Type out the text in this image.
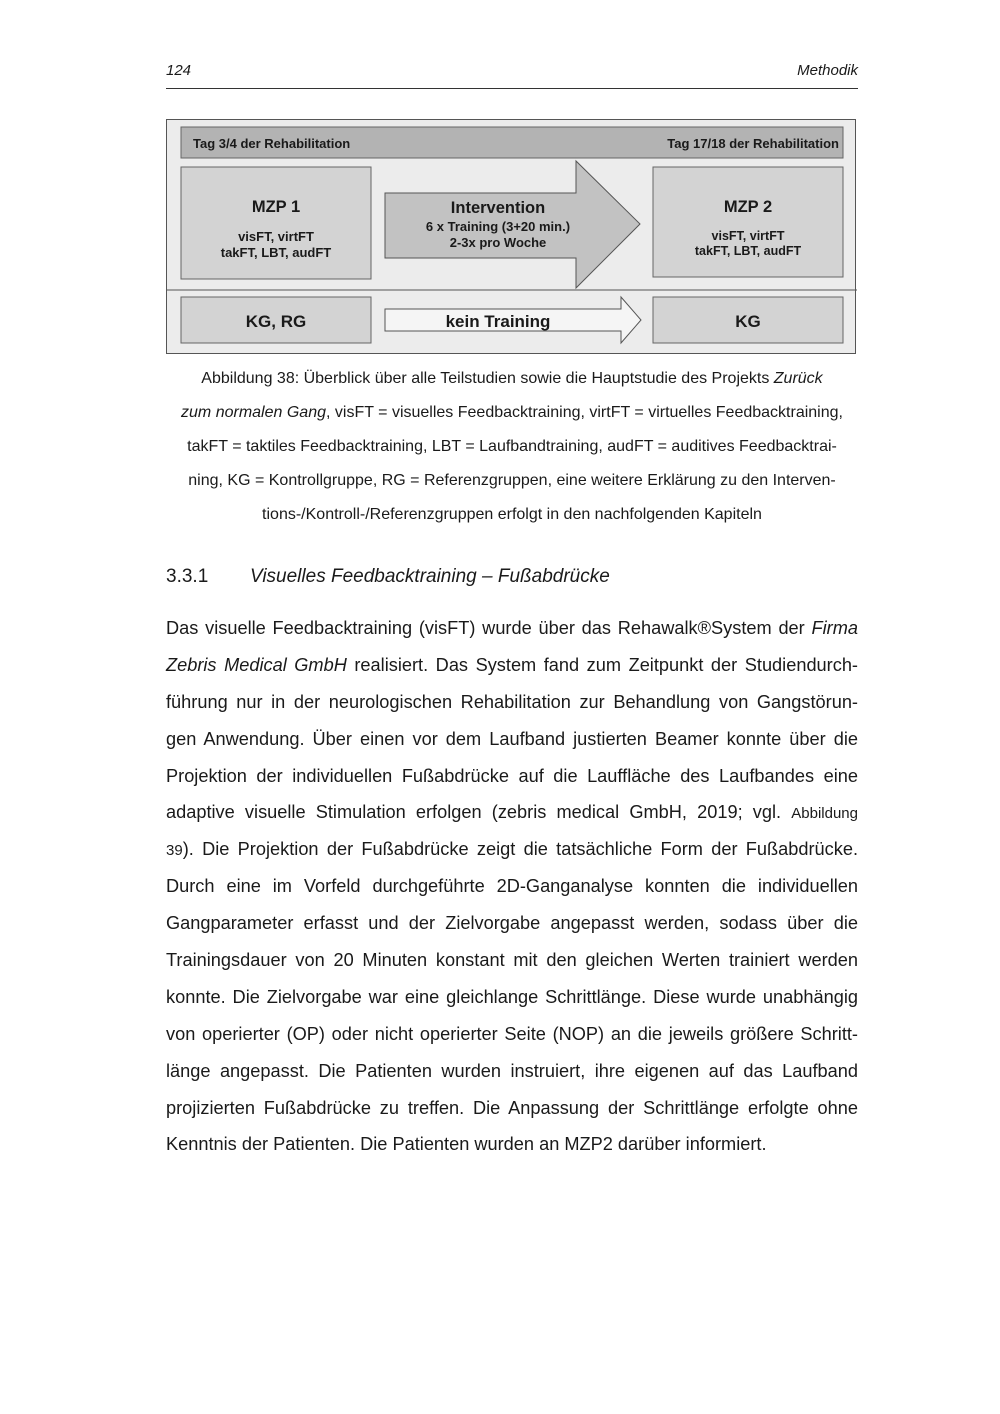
124	Methodik
Tag 3/4 der Rehabilitation	Tag 17/18 der Rehabilitation
MZP 1
visFT, virtFT
takFT, LBT, audFT
Intervention
6 x Training (3+20 min.)
2-3x pro Woche
MZP 2
visFT, virtFT
takFT, LBT, audFT
KG, RG	kein Training	KG
Abbildung 38: Überblick über alle Teilstudien sowie die Hauptstudie des Projekts Zurück
zum normalen Gang, visFT = visuelles Feedbacktraining, virtFT = virtuelles Feedbacktraining,
takFT = taktiles Feedbacktraining, LBT = Laufbandtraining, audFT = auditives Feedbacktrai-
ning, KG = Kontrollgruppe, RG = Referenzgruppen, eine weitere Erklärung zu den Interven-
tions-/Kontroll-/Referenzgruppen erfolgt in den nachfolgenden Kapiteln
3.3.1 Visuelles Feedbacktraining – Fußabdrücke
Das visuelle Feedbacktraining (visFT) wurde über das Rehawalk®System der Firma
Zebris Medical GmbH realisiert. Das System fand zum Zeitpunkt der Studiendurch-
führung nur in der neurologischen Rehabilitation zur Behandlung von Gangstörun-
gen Anwendung. Über einen vor dem Laufband justierten Beamer konnte über die
Projektion der individuellen Fußabdrücke auf die Lauffläche des Laufbandes eine
adaptive visuelle Stimulation erfolgen (zebris medical GmbH, 2019; vgl. Abbildung
39). Die Projektion der Fußabdrücke zeigt die tatsächliche Form der Fußabdrücke.
Durch eine im Vorfeld durchgeführte 2D-Ganganalyse konnten die individuellen
Gangparameter erfasst und der Zielvorgabe angepasst werden, sodass über die
Trainingsdauer von 20 Minuten konstant mit den gleichen Werten trainiert werden
konnte. Die Zielvorgabe war eine gleichlange Schrittlänge. Diese wurde unabhängig
von operierter (OP) oder nicht operierter Seite (NOP) an die jeweils größere Schritt-
länge angepasst. Die Patienten wurden instruiert, ihre eigenen auf das Laufband
projizierten Fußabdrücke zu treffen. Die Anpassung der Schrittlänge erfolgte ohne
Kenntnis der Patienten. Die Patienten wurden an MZP2 darüber informiert.
